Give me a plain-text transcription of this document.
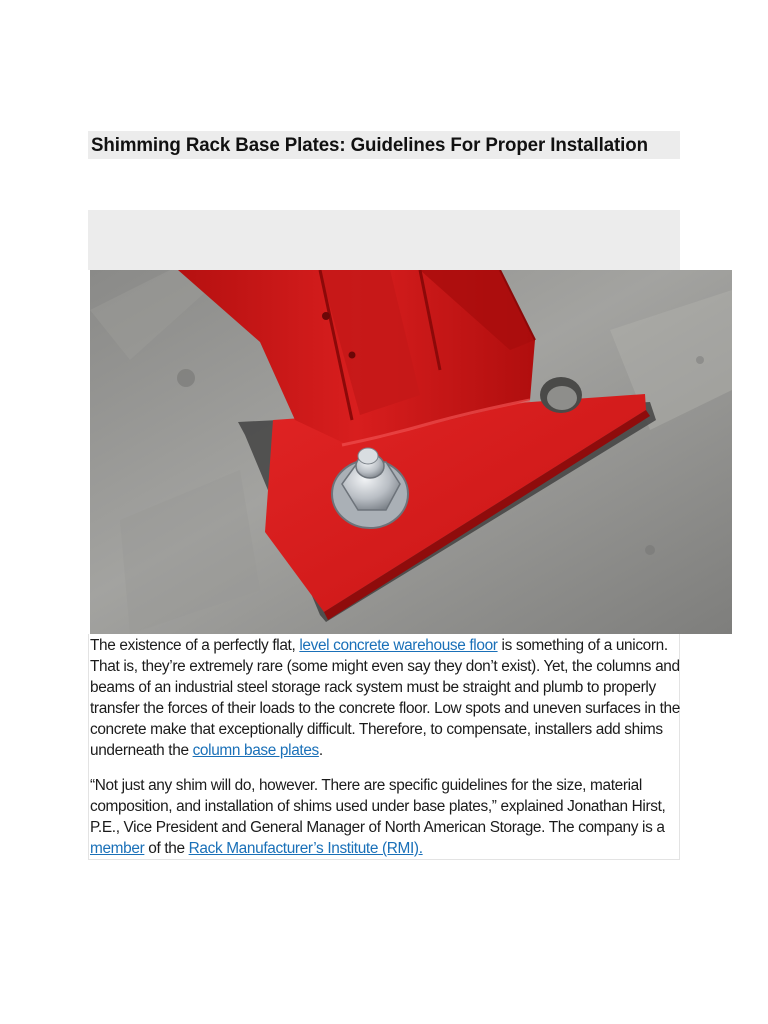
Shimming Rack Base Plates: Guidelines For Proper Installation

The existence of a perfectly flat, level concrete warehouse floor is something of a unicorn. That is, they’re extremely rare (some might even say they don’t exist). Yet, the columns and beams of an industrial steel storage rack system must be straight and plumb to properly transfer the forces of their loads to the concrete floor. Low spots and uneven surfaces in the concrete make that exceptionally difficult. Therefore, to compensate, installers add shims underneath the column base plates.

“Not just any shim will do, however. There are specific guidelines for the size, material composition, and installation of shims used under base plates,” explained Jonathan Hirst, P.E., Vice President and General Manager of North American Storage. The company is a member of the Rack Manufacturer’s Institute (RMI).
